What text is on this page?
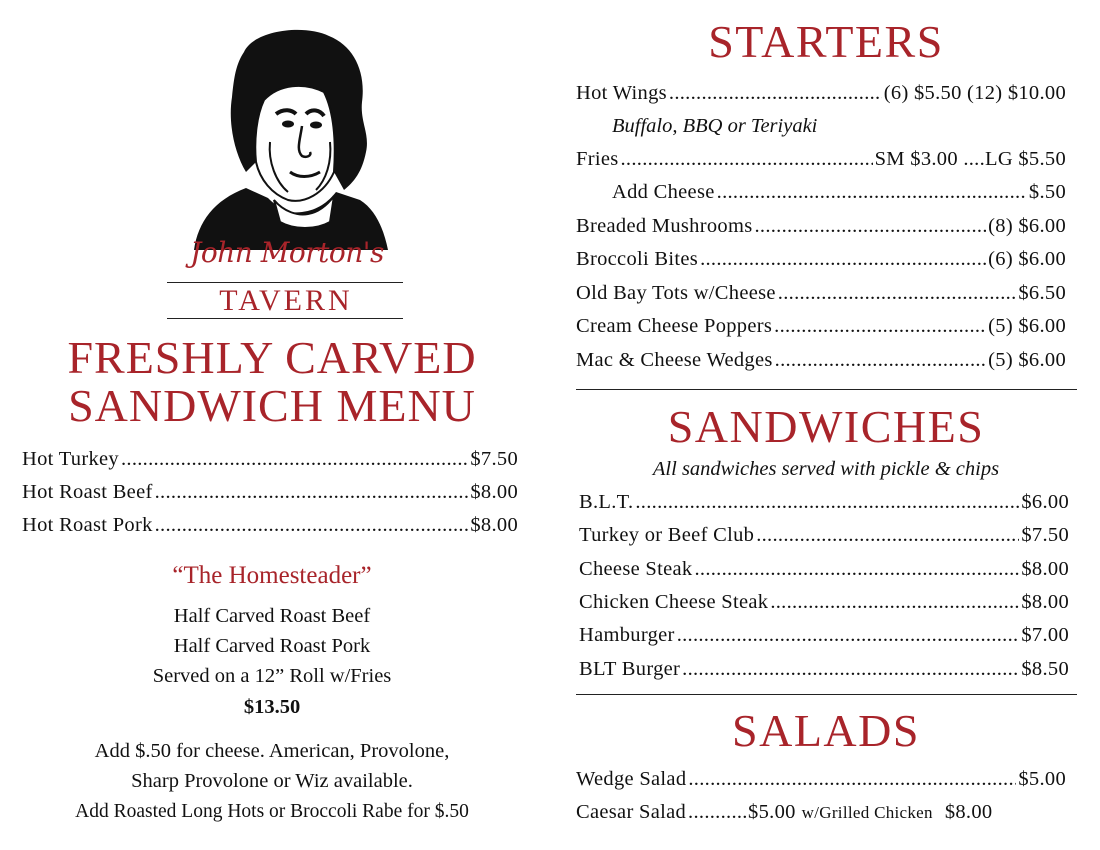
John Morton's
TAVERN
FRESHLY CARVED
SANDWICH MENU
Hot Turkey .....	$7.50
Hot Roast Beef .....	$8.00
Hot Roast Pork .....	$8.00
“The Homesteader”
Half Carved Roast Beef
Half Carved Roast Pork
Served on a 12” Roll w/Fries
$13.50
Add $.50 for cheese. American, Provolone,
Sharp Provolone or Wiz available.
Add Roasted Long Hots or Broccoli Rabe for $.50
STARTERS
Hot Wings .....	(6) $5.50 (12) $10.00
Buffalo, BBQ or Teriyaki
Fries .....	SM $3.00 ....LG $5.50
Add Cheese .....	$.50
Breaded Mushrooms .....	(8) $6.00
Broccoli Bites .....	(6) $6.00
Old Bay Tots w/Cheese .....	$6.50
Cream Cheese Poppers .....	(5) $6.00
Mac & Cheese Wedges .....	(5) $6.00
SANDWICHES
All sandwiches served with pickle & chips
B.L.T. .....	$6.00
Turkey or Beef Club .....	$7.50
Cheese Steak .....	$8.00
Chicken Cheese Steak .....	$8.00
Hamburger .....	$7.00
BLT Burger .....	$8.50
SALADS
Wedge Salad .....	$5.00
Caesar Salad .....	$5.00 w/Grilled Chicken $8.00
